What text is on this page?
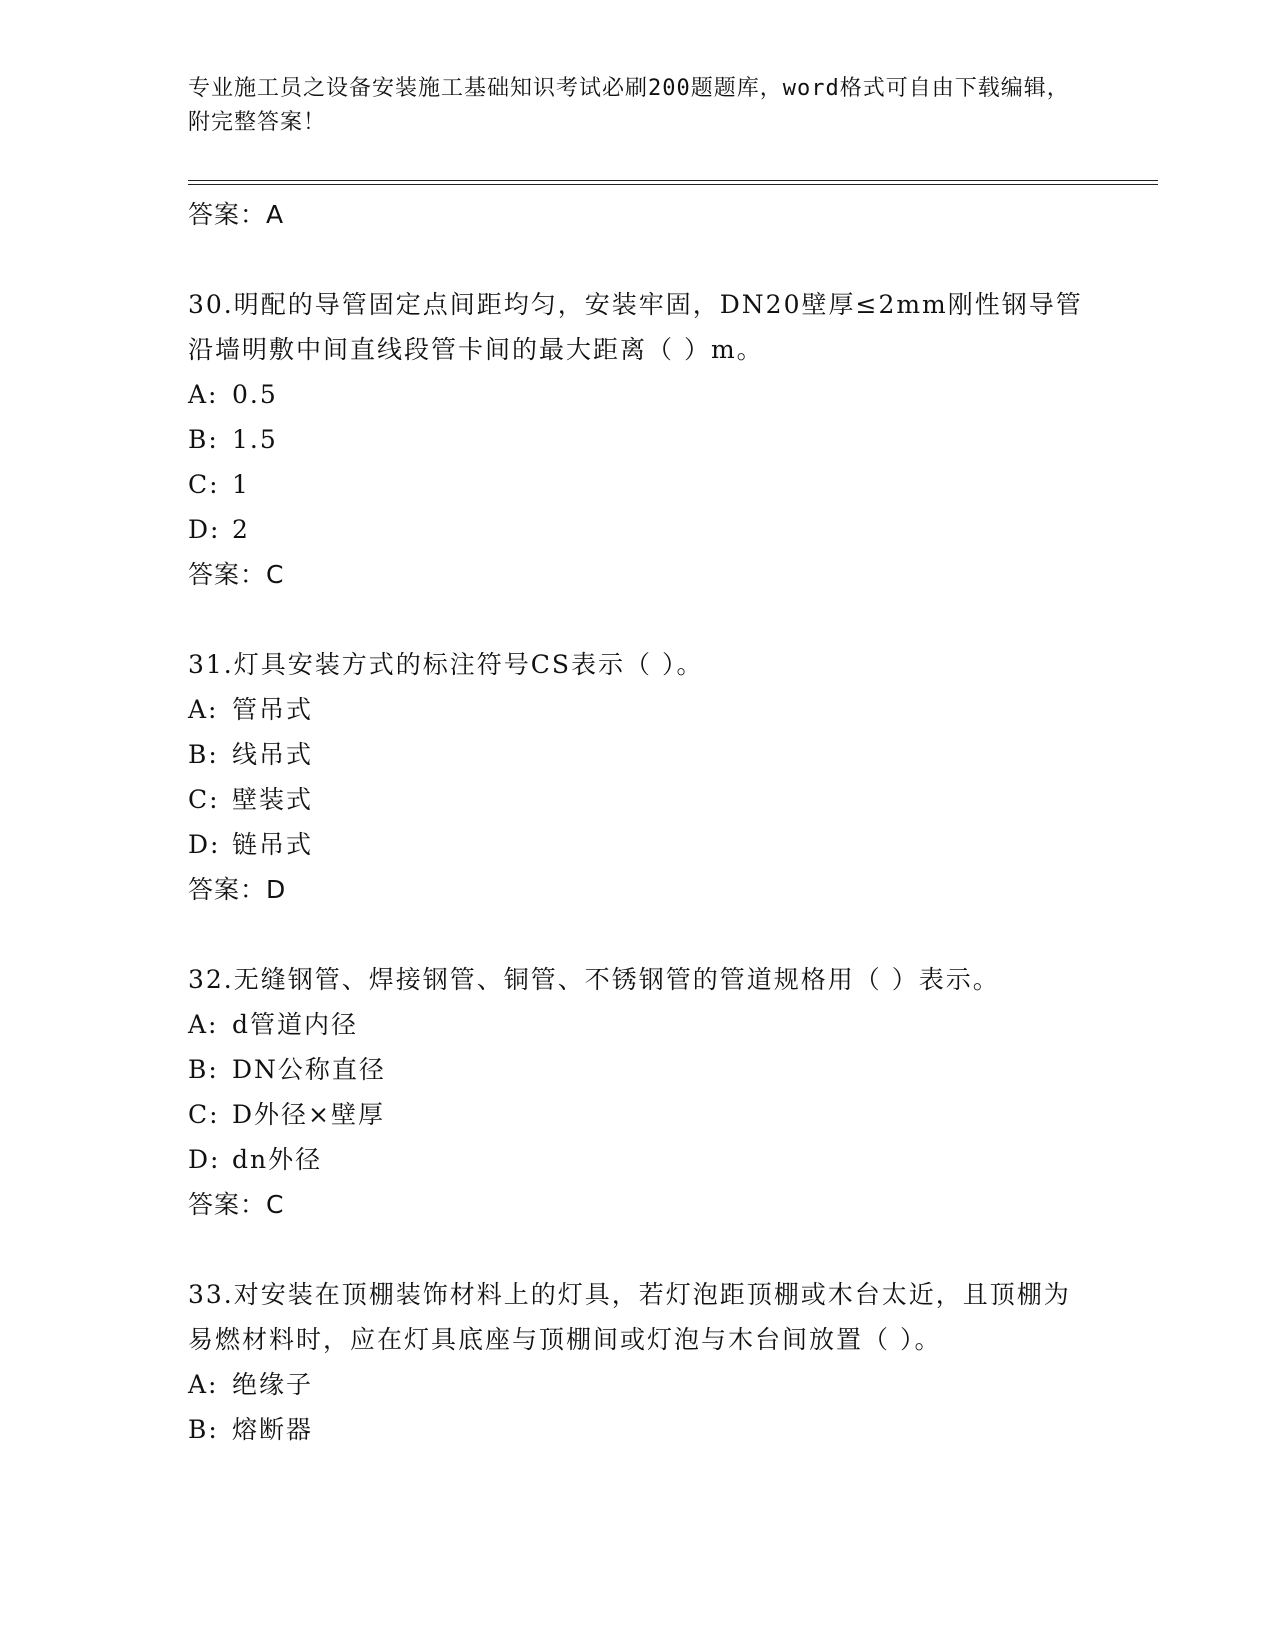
专业施工员之设备安装施工基础知识考试必刷200题题库，word格式可自由下载编辑，附完整答案！
答案：A
30.明配的导管固定点间距均匀，安装牢固，DN20壁厚≤2mm刚性钢导管沿墙明敷中间直线段管卡间的最大距离（ ）m。
A: 0.5
B: 1.5
C: 1
D: 2
答案：C
31.灯具安装方式的标注符号CS表示（ ）。
A: 管吊式
B: 线吊式
C: 壁装式
D: 链吊式
答案：D
32.无缝钢管、焊接钢管、铜管、不锈钢管的管道规格用（ ）表示。
A: d管道内径
B: DN公称直径
C: D外径×壁厚
D: dn外径
答案：C
33.对安装在顶棚装饰材料上的灯具，若灯泡距顶棚或木台太近，且顶棚为易燃材料时，应在灯具底座与顶棚间或灯泡与木台间放置（ ）。
A: 绝缘子
B: 熔断器
